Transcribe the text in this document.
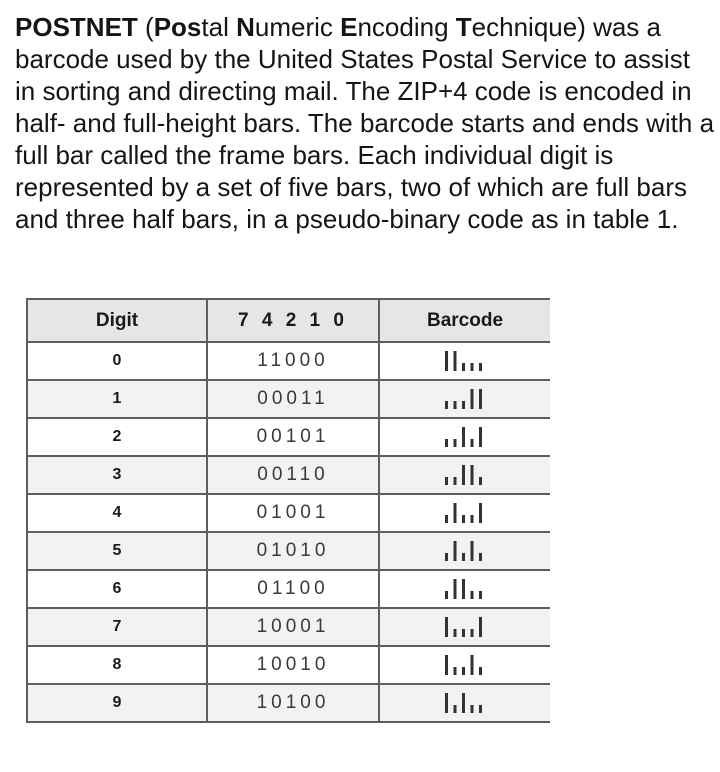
POSTNET (Postal Numeric Encoding Technique) was a barcode used by the United States Postal Service to assist in sorting and directing mail. The ZIP+4 code is encoded in half- and full-height bars. The barcode starts and ends with a full bar called the frame bars. Each individual digit is represented by a set of five bars, two of which are full bars and three half bars, in a pseudo-binary code as in table 1.
Digit	7 4 2 1 0	Barcode
0	11000	

1	00011	

2	00101	

3	00110	

4	01001	

5	01010	

6	01100	

7	10001	

8	10010	

9	10100	
